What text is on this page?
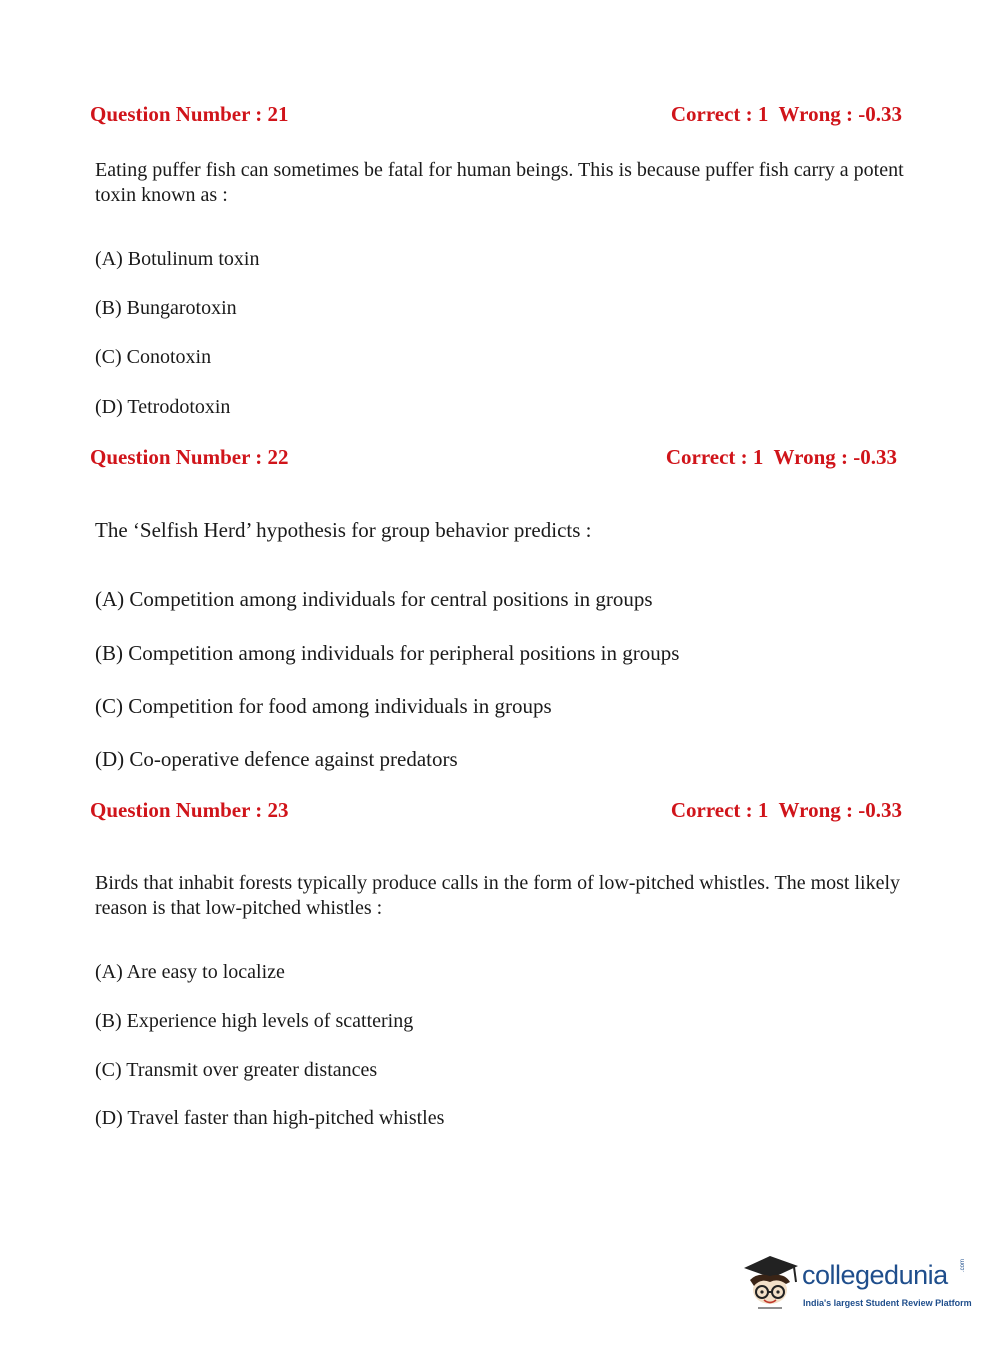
Question Number : 21	Correct : 1 Wrong : -0.33
Eating puffer fish can sometimes be fatal for human beings. This is because puffer fish carry a potent toxin known as :
(A) Botulinum toxin
(B) Bungarotoxin
(C) Conotoxin
(D) Tetrodotoxin
Question Number : 22	Correct : 1 Wrong : -0.33
The ‘Selfish Herd’ hypothesis for group behavior predicts :
(A) Competition among individuals for central positions in groups
(B) Competition among individuals for peripheral positions in groups
(C) Competition for food among individuals in groups
(D) Co-operative defence against predators
Question Number : 23	Correct : 1 Wrong : -0.33
Birds that inhabit forests typically produce calls in the form of low-pitched whistles. The most likely reason is that low-pitched whistles :
(A) Are easy to localize
(B) Experience high levels of scattering
(C) Transmit over greater distances
(D) Travel faster than high-pitched whistles
collegedunia .com
India's largest Student Review Platform
